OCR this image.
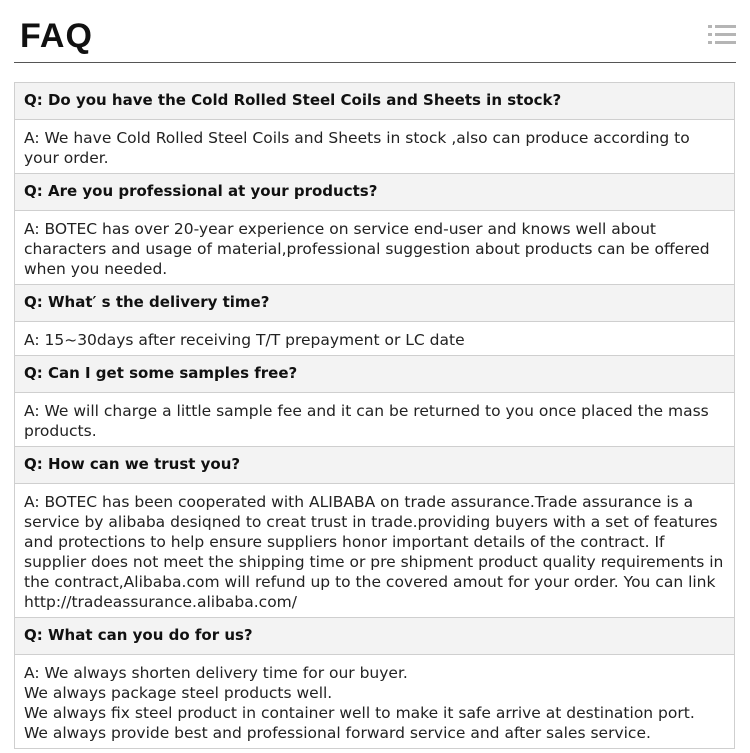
FAQ
Q: Do you have the Cold Rolled Steel Coils and Sheets in stock?
A: We have Cold Rolled Steel Coils and Sheets in stock ,also can produce according to your order.
Q: Are you professional at your products?
A: BOTEC has over 20-year experience on service end-user and knows well about characters and usage of material,professional suggestion about products can be offered when you needed.
Q: What′ s the delivery time?
A: 15~30days after receiving T/T prepayment or LC date
Q: Can I get some samples free?
A: We will charge a little sample fee and it can be returned to you once placed the mass products.
Q: How can we trust you?
A: BOTEC has been cooperated with ALIBABA on trade assurance.Trade assurance is a service by alibaba desiqned to creat trust in trade.providing buyers with a set of features and protections to help ensure suppliers honor important details of the contract. If supplier does not meet the shipping time or pre shipment product quality requirements in the contract,Alibaba.com will refund up to the covered amout for your order. You can link http://tradeassurance.alibaba.com/
Q: What can you do for us?
A: We always shorten delivery time for our buyer.
We always package steel products well.
We always fix steel product in container well to make it safe arrive at destination port.
We always provide best and professional forward service and after sales service.
